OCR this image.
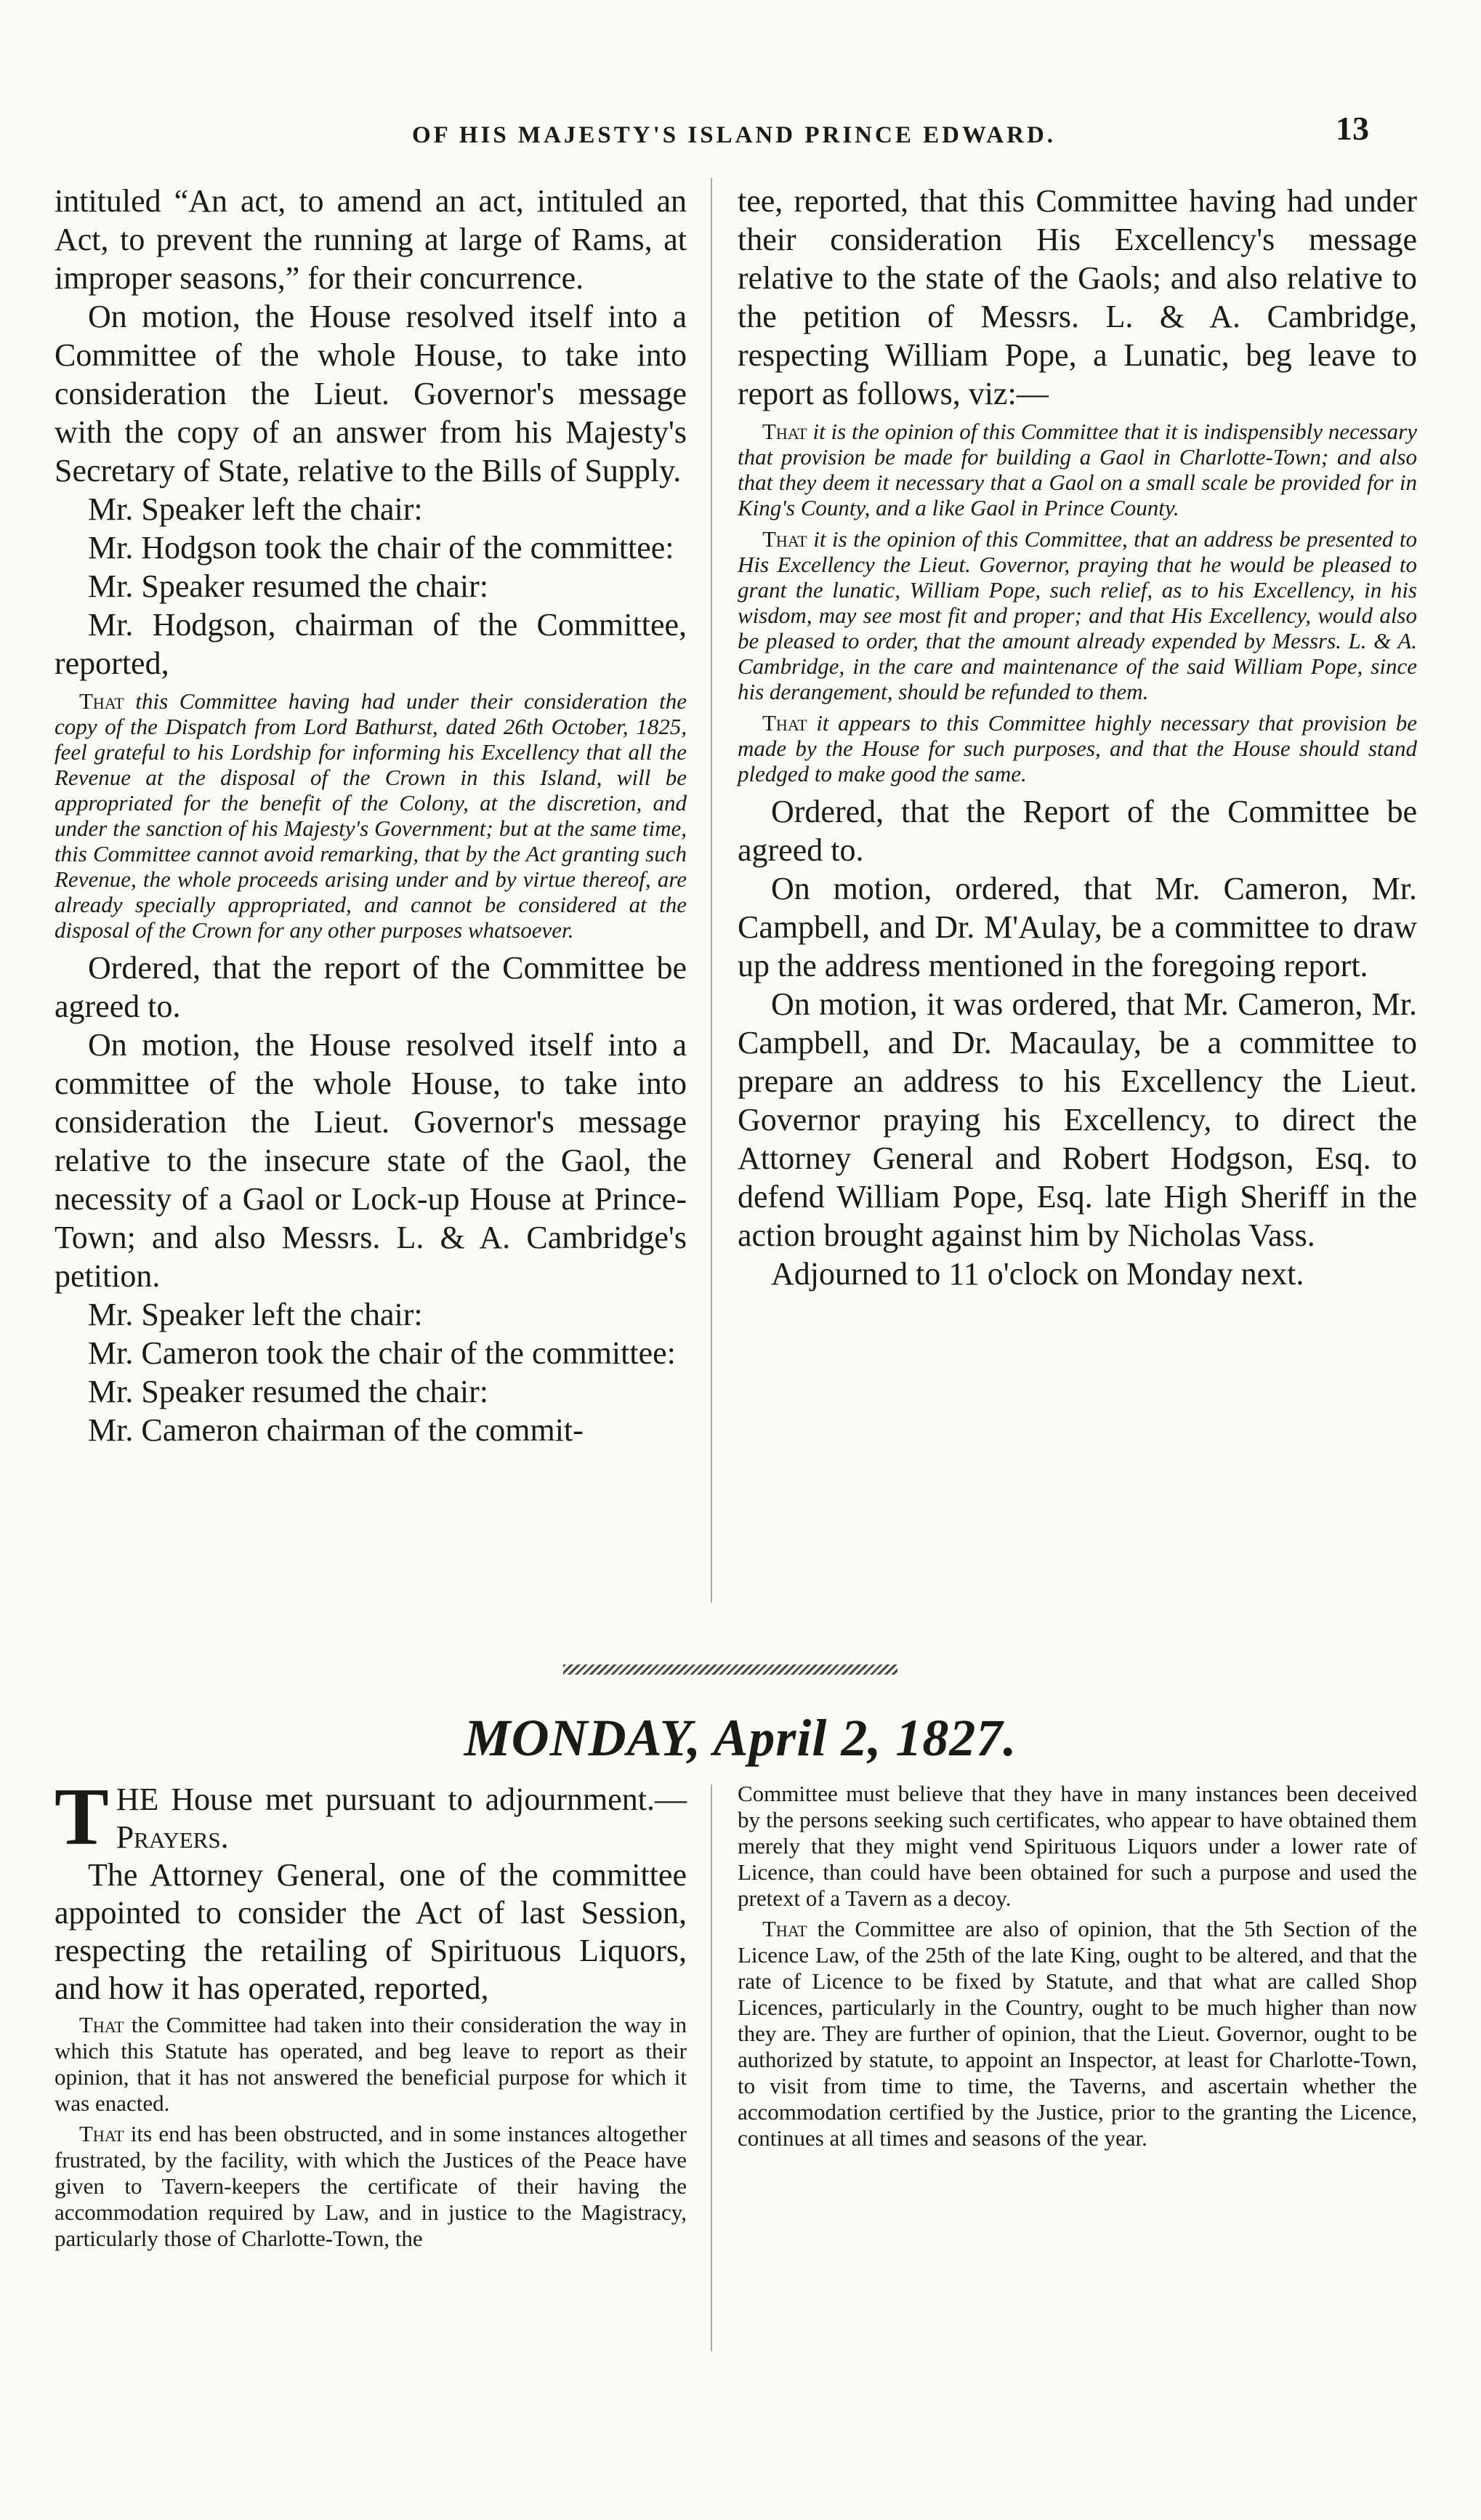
OF HIS MAJESTY'S ISLAND PRINCE EDWARD.	13

intituled “An act, to amend an act, intituled an Act, to prevent the running at large of Rams, at improper seasons,” for their concurrence.

On motion, the House resolved itself into a Committee of the whole House, to take into consideration the Lieut. Governor's message with the copy of an answer from his Majesty's Secretary of State, relative to the Bills of Supply.

Mr. Speaker left the chair:

Mr. Hodgson took the chair of the committee:

Mr. Speaker resumed the chair:

Mr. Hodgson, chairman of the Committee, reported,

That this Committee having had under their consideration the copy of the Dispatch from Lord Bathurst, dated 26th October, 1825, feel grateful to his Lordship for informing his Excellency that all the Revenue at the disposal of the Crown in this Island, will be appropriated for the benefit of the Colony, at the discretion, and under the sanction of his Majesty's Government; but at the same time, this Committee cannot avoid remarking, that by the Act granting such Revenue, the whole proceeds arising under and by virtue thereof, are already specially appropriated, and cannot be considered at the disposal of the Crown for any other purposes whatsoever.

Ordered, that the report of the Committee be agreed to.

On motion, the House resolved itself into a committee of the whole House, to take into consideration the Lieut. Governor's message relative to the insecure state of the Gaol, the necessity of a Gaol or Lock-up House at Prince-Town; and also Messrs. L. & A. Cambridge's petition.

Mr. Speaker left the chair:

Mr. Cameron took the chair of the committee:

Mr. Speaker resumed the chair:

Mr. Cameron chairman of the commit-

tee, reported, that this Committee having had under their consideration His Excellency's message relative to the state of the Gaols; and also relative to the petition of Messrs. L. & A. Cambridge, respecting William Pope, a Lunatic, beg leave to report as follows, viz:—

That it is the opinion of this Committee that it is indispensibly necessary that provision be made for building a Gaol in Charlotte-Town; and also that they deem it necessary that a Gaol on a small scale be provided for in King's County, and a like Gaol in Prince County.

That it is the opinion of this Committee, that an address be presented to His Excellency the Lieut. Governor, praying that he would be pleased to grant the lunatic, William Pope, such relief, as to his Excellency, in his wisdom, may see most fit and proper; and that His Excellency, would also be pleased to order, that the amount already expended by Messrs. L. & A. Cambridge, in the care and maintenance of the said William Pope, since his derangement, should be refunded to them.

That it appears to this Committee highly necessary that provision be made by the House for such purposes, and that the House should stand pledged to make good the same.

Ordered, that the Report of the Committee be agreed to.

On motion, ordered, that Mr. Cameron, Mr. Campbell, and Dr. M'Aulay, be a committee to draw up the address mentioned in the foregoing report.

On motion, it was ordered, that Mr. Cameron, Mr. Campbell, and Dr. Macaulay, be a committee to prepare an address to his Excellency the Lieut. Governor praying his Excellency, to direct the Attorney General and Robert Hodgson, Esq. to defend William Pope, Esq. late High Sheriff in the action brought against him by Nicholas Vass.

Adjourned to 11 o'clock on Monday next.

MONDAY, April 2, 1827.

THE House met pursuant to adjournment.—Prayers.

The Attorney General, one of the committee appointed to consider the Act of last Session, respecting the retailing of Spirituous Liquors, and how it has operated, reported,

That the Committee had taken into their consideration the way in which this Statute has operated, and beg leave to report as their opinion, that it has not answered the beneficial purpose for which it was enacted.

That its end has been obstructed, and in some instances altogether frustrated, by the facility, with which the Justices of the Peace have given to Tavern-keepers the certificate of their having the accommodation required by Law, and in justice to the Magistracy, particularly those of Charlotte-Town, the

Committee must believe that they have in many instances been deceived by the persons seeking such certificates, who appear to have obtained them merely that they might vend Spirituous Liquors under a lower rate of Licence, than could have been obtained for such a purpose and used the pretext of a Tavern as a decoy.

That the Committee are also of opinion, that the 5th Section of the Licence Law, of the 25th of the late King, ought to be altered, and that the rate of Licence to be fixed by Statute, and that what are called Shop Licences, particularly in the Country, ought to be much higher than now they are. They are further of opinion, that the Lieut. Governor, ought to be authorized by statute, to appoint an Inspector, at least for Charlotte-Town, to visit from time to time, the Taverns, and ascertain whether the accommodation certified by the Justice, prior to the granting the Licence, continues at all times and seasons of the year.
